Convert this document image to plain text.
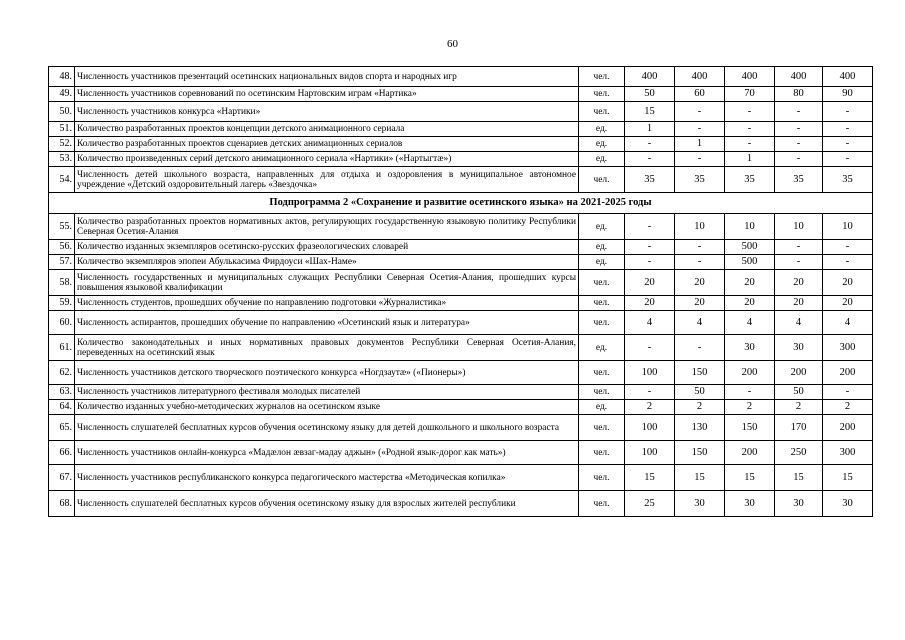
60
48.	Численность участников презентаций осетинских национальных видов спорта и народных игр	чел.	400	400	400	400	400
49.	Численность участников соревнований по осетинским Нартовским играм «Нартика»	чел.	50	60	70	80	90
50.	Численность участников конкурса «Нартики»	чел.	15	-	-	-	-
51.	Количество разработанных проектов концепции детского анимационного сериала	ед.	1	-	-	-	-
52.	Количество разработанных проектов сценариев детских анимационных сериалов	ед.	-	1	-	-	-
53.	Количество произведенных серий детского анимационного сериала «Нартики» («Нартыгтæ»)	ед.	-	-	1	-	-
54.	Численность детей школьного возраста, направленных для отдыха и оздоровления в муниципальное автономное учреждение «Детский оздоровительный лагерь «Звездочка»	чел.	35	35	35	35	35
Подпрограмма 2 «Сохранение и развитие осетинского языка» на 2021-2025 годы							
55.	Количество разработанных проектов нормативных актов, регулирующих государственную языковую политику Республики Северная Осетия-Алания	ед.	-	10	10	10	10
56.	Количество изданных экземпляров осетинско-русских фразеологических словарей	ед.	-	-	500	-	-
57.	Количество экземпляров эпопеи Абулькасима Фирдоуси «Шах-Наме»	ед.	-	-	500	-	-
58.	Численность государственных и муниципальных служащих Республики Северная Осетия-Алания, прошедших курсы повышения языковой квалификации	чел.	20	20	20	20	20
59.	Численность студентов, прошедших обучение по направлению подготовки «Журналистика»	чел.	20	20	20	20	20
60.	Численность аспирантов, прошедших обучение по направлению «Осетинский язык и литература»	чел.	4	4	4	4	4
61.	Количество законодательных и иных нормативных правовых документов Республики Северная Осетия-Алания, переведенных на осетинский язык	ед.	-	-	30	30	300
62.	Численность участников детского творческого поэтического конкурса «Ногдзаутæ» («Пионеры»)	чел.	100	150	200	200	200
63.	Численность участников литературного фестиваля молодых писателей	чел.	-	50	-	50	-
64.	Количество изданных учебно-методических журналов на осетинском языке	ед.	2	2	2	2	2
65.	Численность слушателей бесплатных курсов обучения осетинскому языку для детей дошкольного и школьного возраста	чел.	100	130	150	170	200
66.	Численность участников онлайн-конкурса «Мадæлон æвзаг-мадау аджын» («Родной язык-дорог как мать»)	чел.	100	150	200	250	300
67.	Численность участников республиканского конкурса педагогического мастерства «Методическая копилка»	чел.	15	15	15	15	15
68.	Численность слушателей бесплатных курсов обучения осетинскому языку для взрослых жителей республики	чел.	25	30	30	30	30
